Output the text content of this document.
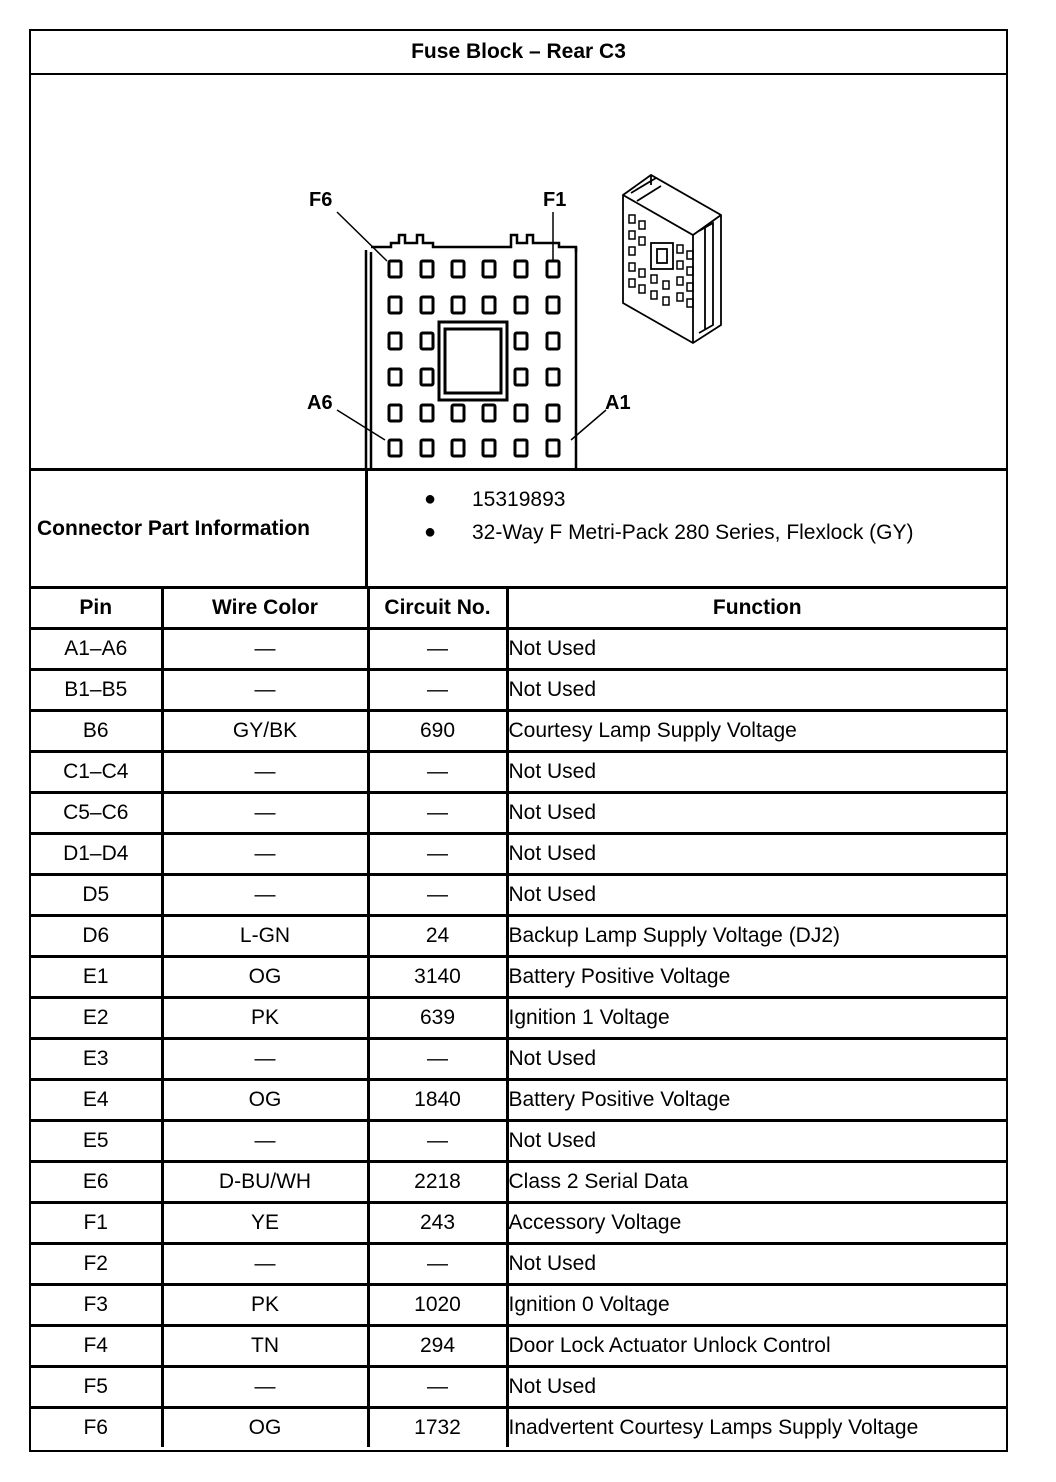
Fuse Block – Rear C3
F6	F1
A6	A1
Connector Part Information
●	15319893
●	32-Way F Metri-Pack 280 Series, Flexlock (GY)
Pin	Wire Color	Circuit No.	Function
A1–A6	—	—	Not Used
B1–B5	—	—	Not Used
B6	GY/BK	690	Courtesy Lamp Supply Voltage
C1–C4	—	—	Not Used
C5–C6	—	—	Not Used
D1–D4	—	—	Not Used
D5	—	—	Not Used
D6	L-GN	24	Backup Lamp Supply Voltage (DJ2)
E1	OG	3140	Battery Positive Voltage
E2	PK	639	Ignition 1 Voltage
E3	—	—	Not Used
E4	OG	1840	Battery Positive Voltage
E5	—	—	Not Used
E6	D-BU/WH	2218	Class 2 Serial Data
F1	YE	243	Accessory Voltage
F2	—	—	Not Used
F3	PK	1020	Ignition 0 Voltage
F4	TN	294	Door Lock Actuator Unlock Control
F5	—	—	Not Used
F6	OG	1732	Inadvertent Courtesy Lamps Supply Voltage
